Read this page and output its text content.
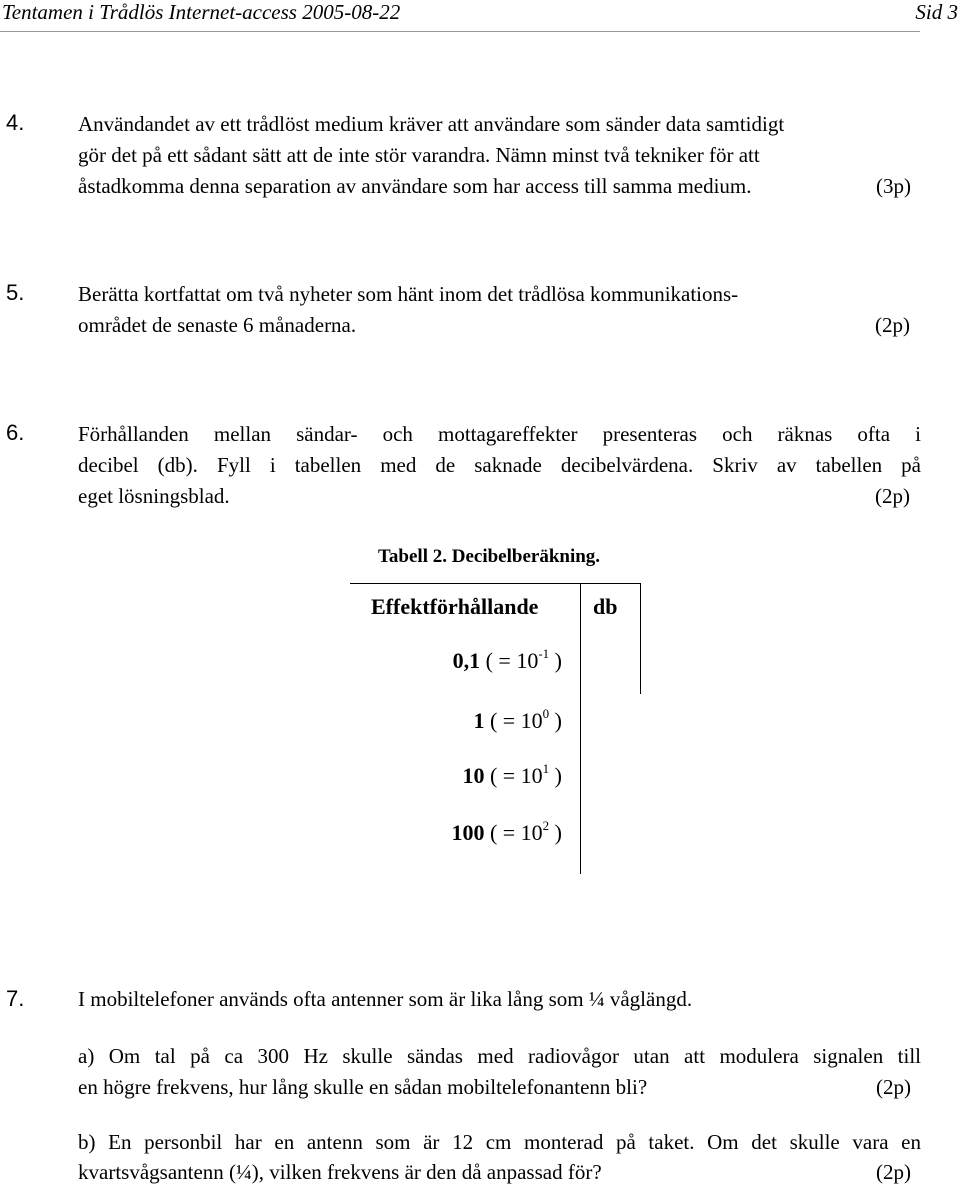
Tentamen i Trådlös Internet-access 2005-08-22	Sid 3
4.	Användandet av ett trådlöst medium kräver att användare som sänder data samtidigt
gör det på ett sådant sätt att de inte stör varandra. Nämn minst två tekniker för att
åstadkomma denna separation av användare som har access till samma medium.	(3p)
5.	Berätta kortfattat om två nyheter som hänt inom det trådlösa kommunikations-
området de senaste 6 månaderna.	(2p)
6.	Förhållanden mellan sändar- och mottagareffekter presenteras och räknas ofta i
decibel (db). Fyll i tabellen med de saknade decibelvärdena. Skriv av tabellen på
eget lösningsblad.	(2p)
Tabell 2. Decibelberäkning.
Effektförhållande db
0,1 ( = $10^{-1}$ )
1 ( = $10^0$ )
10 ( = $10^1$ )
100 ( = $10^2$ )
7.	I mobiltelefoner används ofta antenner som är lika lång som ¼ våglängd.
a) Om tal på ca 300 Hz skulle sändas med radiovågor utan att modulera signalen till
en högre frekvens, hur lång skulle en sådan mobiltelefonantenn bli?	(2p)
b) En personbil har en antenn som är 12 cm monterad på taket. Om det skulle vara en
kvartsvågsantenn (¼), vilken frekvens är den då anpassad för?	(2p)
